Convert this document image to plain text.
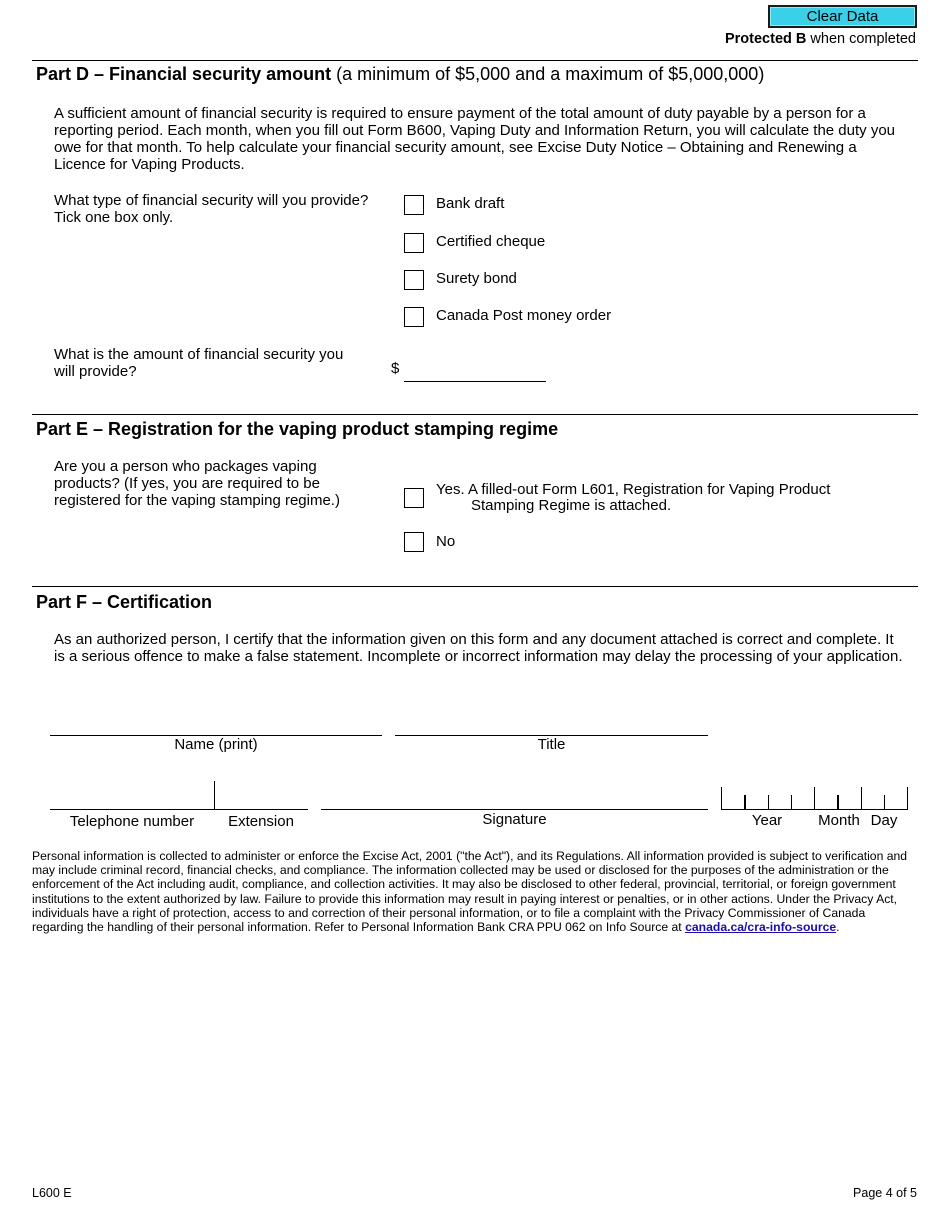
Clear Data
Protected B when completed
Part D – Financial security amount (a minimum of $5,000 and a maximum of $5,000,000)
A sufficient amount of financial security is required to ensure payment of the total amount of duty payable by a person for a reporting period. Each month, when you fill out Form B600, Vaping Duty and Information Return, you will calculate the duty you owe for that month. To help calculate your financial security amount, see Excise Duty Notice – Obtaining and Renewing a Licence for Vaping Products.
What type of financial security will you provide? Tick one box only.
Bank draft
Certified cheque
Surety bond
Canada Post money order
What is the amount of financial security you will provide?	$
Part E – Registration for the vaping product stamping regime
Are you a person who packages vaping products? (If yes, you are required to be registered for the vaping stamping regime.)
Yes. A filled-out Form L601, Registration for Vaping Product
Stamping Regime is attached.
No
Part F – Certification
As an authorized person, I certify that the information given on this form and any document attached is correct and complete. It is a serious offence to make a false statement. Incomplete or incorrect information may delay the processing of your application.
Name (print)	Title
Telephone number	Extension	Signature	Year	Month Day
Personal information is collected to administer or enforce the Excise Act, 2001 ("the Act"), and its Regulations. All information provided is subject to verification and may include criminal record, financial checks, and compliance. The information collected may be used or disclosed for the purposes of the administration or the enforcement of the Act including audit, compliance, and collection activities. It may also be disclosed to other federal, provincial, territorial, or foreign government institutions to the extent authorized by law. Failure to provide this information may result in paying interest or penalties, or in other actions. Under the Privacy Act, individuals have a right of protection, access to and correction of their personal information, or to file a complaint with the Privacy Commissioner of Canada regarding the handling of their personal information. Refer to Personal Information Bank CRA PPU 062 on Info Source at canada.ca/cra-info-source.
L600 E	Page 4 of 5
